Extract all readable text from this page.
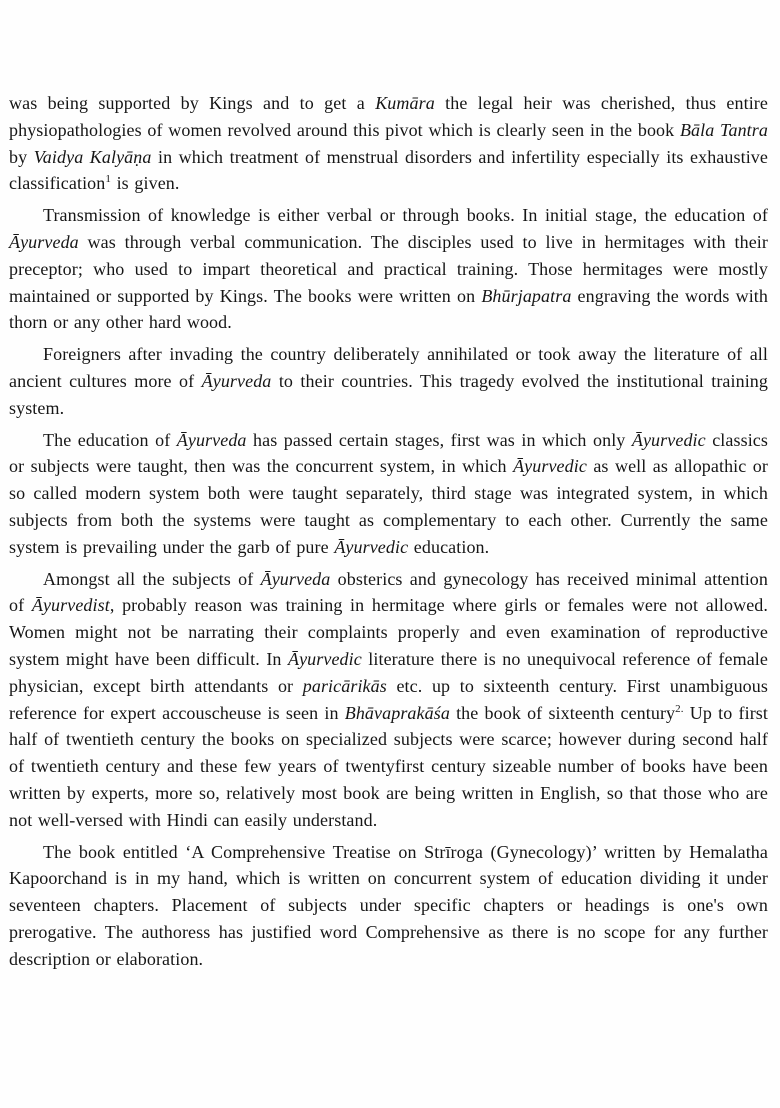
was being supported by Kings and to get a Kumāra the legal heir was cherished, thus entire physiopathologies of women revolved around this pivot which is clearly seen in the book Bāla Tantra by Vaidya Kalyāṇa in which treatment of menstrual disorders and infertility especially its exhaustive classification$^1$ is given.

Transmission of knowledge is either verbal or through books. In initial stage, the education of Āyurveda was through verbal communication. The disciples used to live in hermitages with their preceptor; who used to impart theoretical and practical training. Those hermitages were mostly maintained or supported by Kings. The books were written on Bhūrjapatra engraving the words with thorn or any other hard wood.

Foreigners after invading the country deliberately annihilated or took away the literature of all ancient cultures more of Āyurveda to their countries. This tragedy evolved the institutional training system.

The education of Āyurveda has passed certain stages, first was in which only Āyurvedic classics or subjects were taught, then was the concurrent system, in which Āyurvedic as well as allopathic or so called modern system both were taught separately, third stage was integrated system, in which subjects from both the systems were taught as complementary to each other. Currently the same system is prevailing under the garb of pure Āyurvedic education.

Amongst all the subjects of Āyurveda obsterics and gynecology has received minimal attention of Āyurvedist, probably reason was training in hermitage where girls or females were not allowed. Women might not be narrating their complaints properly and even examination of reproductive system might have been difficult. In Āyurvedic literature there is no unequivocal reference of female physician, except birth attendants or paricārikās etc. up to sixteenth century. First unambiguous reference for expert accouscheuse is seen in Bhāvaprakāśa the book of sixteenth century$^{2.}$ Up to first half of twentieth century the books on specialized subjects were scarce; however during second half of twentieth century and these few years of twentyfirst century sizeable number of books have been written by experts, more so, relatively most book are being written in English, so that those who are not well-versed with Hindi can easily understand.

The book entitled ‘A Comprehensive Treatise on Strīroga (Gynecology)’ written by Hemalatha Kapoorchand is in my hand, which is written on concurrent system of education dividing it under seventeen chapters. Placement of subjects under specific chapters or headings is one's own prerogative. The authoress has justified word Comprehensive as there is no scope for any further description or elaboration.
